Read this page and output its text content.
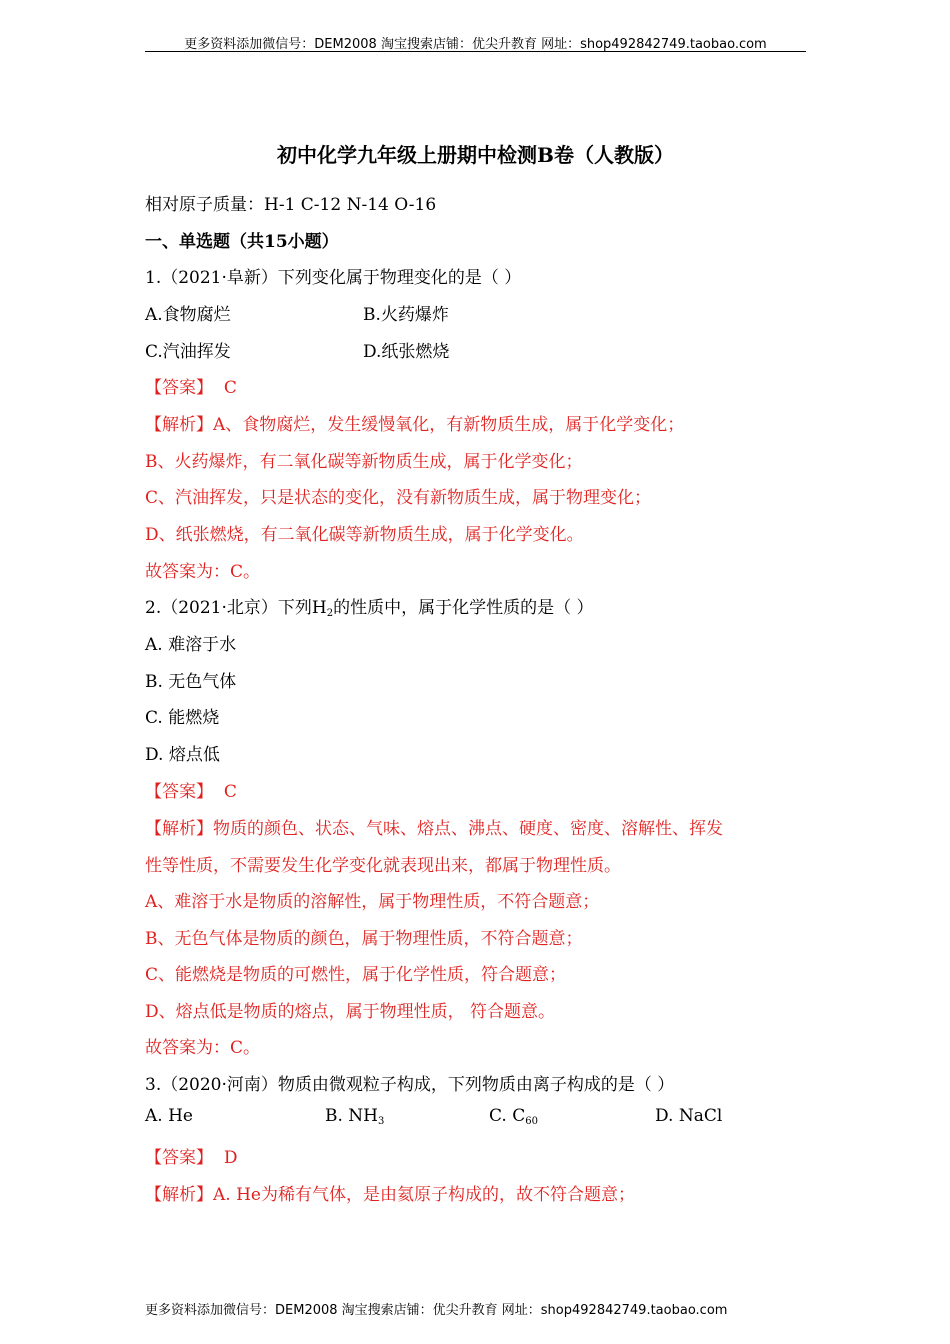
更多资料添加微信号：DEM2008 淘宝搜索店铺：优尖升教育 网址：shop492842749.taobao.com
初中化学九年级上册期中检测B卷（人教版）
相对原子质量：H-1 C-12 N-14 O-16
一、单选题（共15小题）
1.（2021·阜新）下列变化属于物理变化的是（ ）
A.食物腐烂	B.火药爆炸
C.汽油挥发	D.纸张燃烧
【答案】 C
【解析】A、食物腐烂，发生缓慢氧化，有新物质生成，属于化学变化；
B、火药爆炸，有二氧化碳等新物质生成，属于化学变化；
C、汽油挥发，只是状态的变化，没有新物质生成，属于物理变化；
D、纸张燃烧，有二氧化碳等新物质生成，属于化学变化。
故答案为：C。
2.（2021·北京）下列$H_2$的性质中，属于化学性质的是（ ）
A. 难溶于水
B. 无色气体
C. 能燃烧
D. 熔点低
【答案】 C
【解析】物质的颜色、状态、气味、熔点、沸点、硬度、密度、溶解性、挥发
性等性质，不需要发生化学变化就表现出来，都属于物理性质。
A、难溶于水是物质的溶解性，属于物理性质，不符合题意；
B、无色气体是物质的颜色，属于物理性质，不符合题意；
C、能燃烧是物质的可燃性，属于化学性质，符合题意；
D、熔点低是物质的熔点，属于物理性质， 符合题意。
故答案为：C。
3.（2020·河南）物质由微观粒子构成，下列物质由离子构成的是（ ）
A. He	B. $NH_3$	C. $C_{60}$	D. NaCl
【答案】 D
【解析】A. He为稀有气体，是由氦原子构成的，故不符合题意；
更多资料添加微信号：DEM2008 淘宝搜索店铺：优尖升教育 网址：shop492842749.taobao.com
